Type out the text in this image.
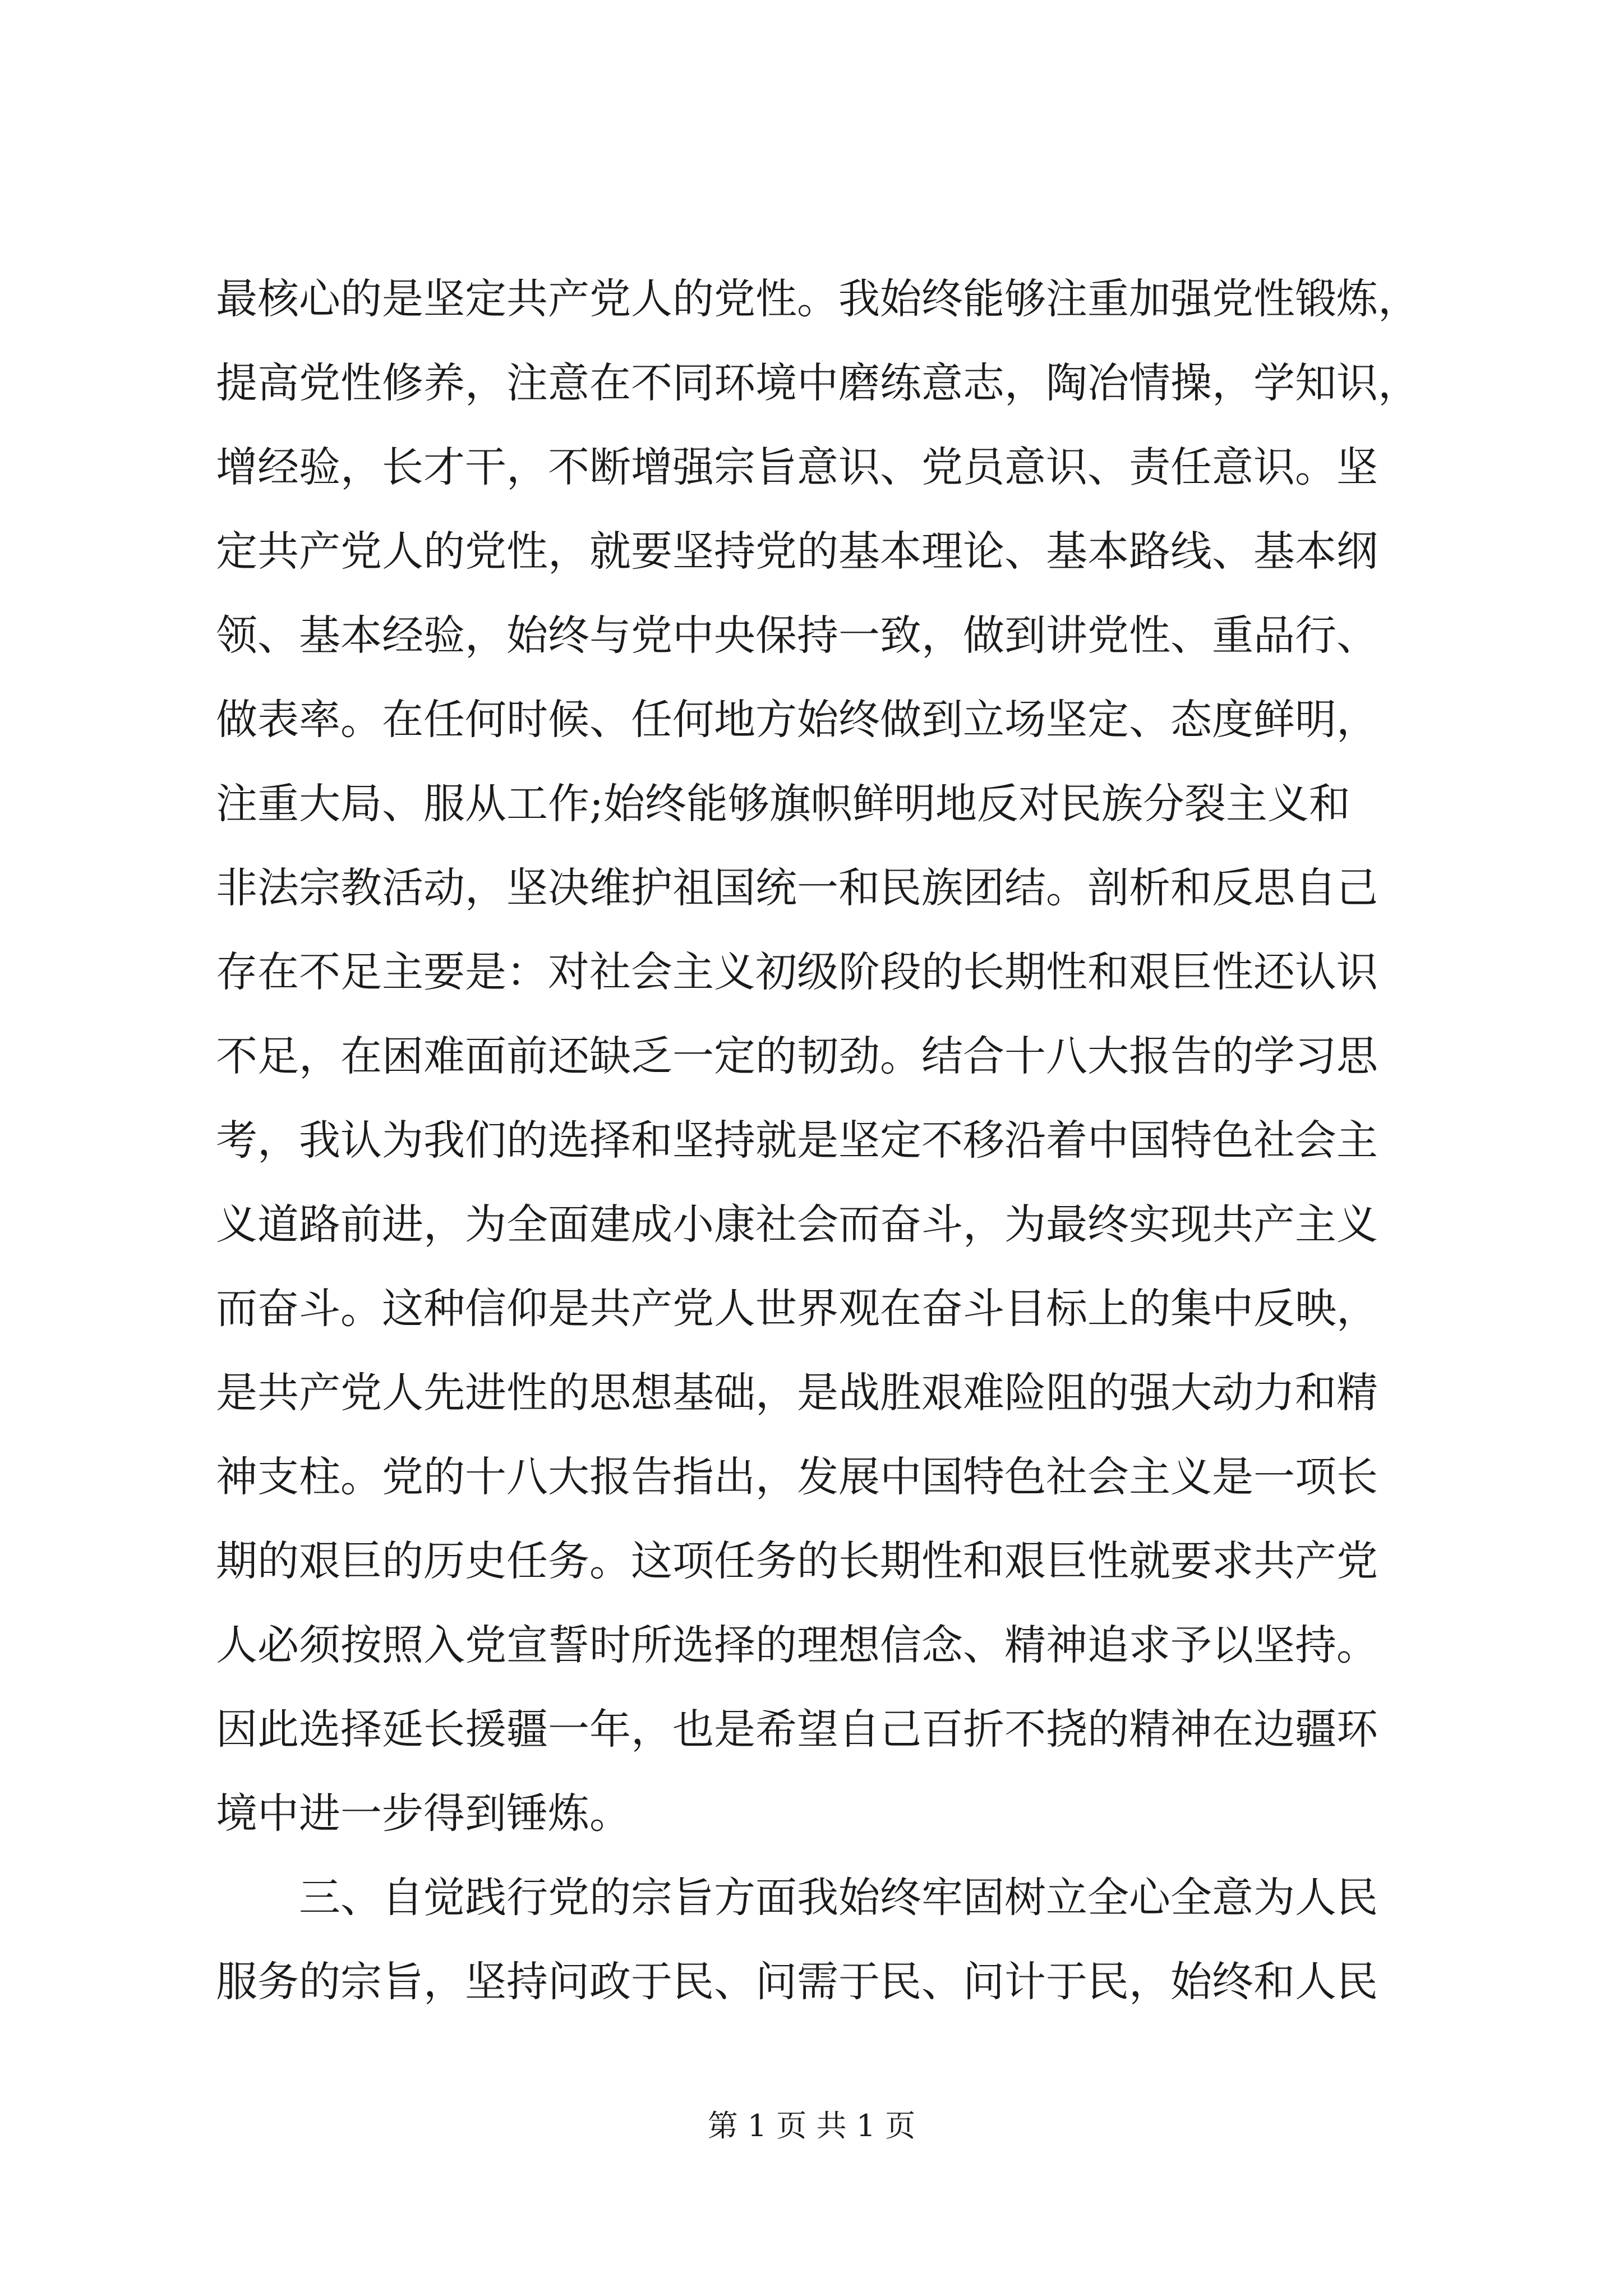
最核心的是坚定共产党人的党性。我始终能够注重加强党性锻炼，
提高党性修养，注意在不同环境中磨练意志，陶冶情操，学知识，
增经验，长才干，不断增强宗旨意识、党员意识、责任意识。坚
定共产党人的党性，就要坚持党的基本理论、基本路线、基本纲
领、基本经验，始终与党中央保持一致，做到讲党性、重品行、
做表率。在任何时候、任何地方始终做到立场坚定、态度鲜明，
注重大局、服从工作;始终能够旗帜鲜明地反对民族分裂主义和
非法宗教活动，坚决维护祖国统一和民族团结。剖析和反思自己
存在不足主要是：对社会主义初级阶段的长期性和艰巨性还认识
不足，在困难面前还缺乏一定的韧劲。结合十八大报告的学习思
考，我认为我们的选择和坚持就是坚定不移沿着中国特色社会主
义道路前进，为全面建成小康社会而奋斗，为最终实现共产主义
而奋斗。这种信仰是共产党人世界观在奋斗目标上的集中反映，
是共产党人先进性的思想基础，是战胜艰难险阻的强大动力和精
神支柱。党的十八大报告指出，发展中国特色社会主义是一项长
期的艰巨的历史任务。这项任务的长期性和艰巨性就要求共产党
人必须按照入党宣誓时所选择的理想信念、精神追求予以坚持。
因此选择延长援疆一年，也是希望自己百折不挠的精神在边疆环
境中进一步得到锤炼。
三、自觉践行党的宗旨方面我始终牢固树立全心全意为人民
服务的宗旨，坚持问政于民、问需于民、问计于民，始终和人民
第 1 页 共 1 页
